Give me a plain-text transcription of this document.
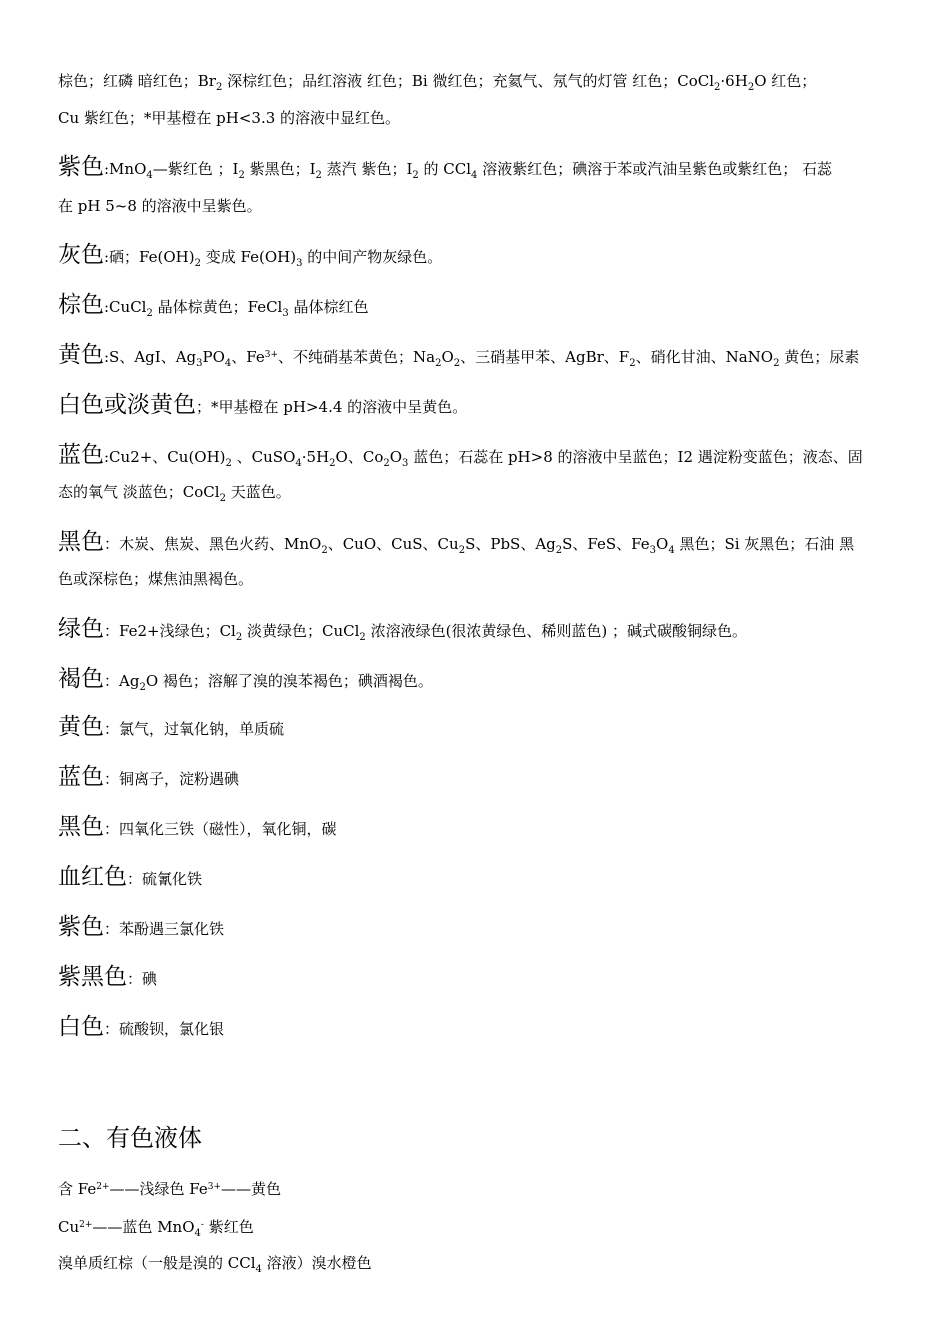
棕色；红磷 暗红色；$Br_2$ 深棕红色；品红溶液 红色；Bi 微红色；充氦气、氖气的灯管 红色；$CoCl_2\cdot 6H_2O$ 红色；
Cu 紫红色；*甲基橙在 pH<3.3 的溶液中显红色。
紫色:MnO$_4$—紫红色 ；$I_2$ 紫黑色；$I_2$ 蒸汽 紫色；$I_2$ 的 CCl$_4$ 溶液紫红色；碘溶于苯或汽油呈紫色或紫红色； 石蕊
在 pH 5~8 的溶液中呈紫色。
灰色:硒；$Fe(OH)_2$ 变成 $Fe(OH)_3$ 的中间产物灰绿色。
棕色:CuCl$_2$ 晶体棕黄色；FeCl$_3$ 晶体棕红色
黄色:S、AgI、$Ag_3PO_4$、$Fe^{3+}$、不纯硝基苯黄色；$Na_2O_2$、三硝基甲苯、AgBr、$F_2$、硝化甘油、NaNO$_2$ 黄色；尿素
白色或淡黄色；*甲基橙在 pH>4.4 的溶液中呈黄色。
蓝色:Cu2+、$Cu(OH)_2$ 、$CuSO_4\cdot 5H_2O$、$Co_2O_3$ 蓝色；石蕊在 pH>8 的溶液中呈蓝色；I2 遇淀粉变蓝色；液态、固
态的氧气 淡蓝色；CoCl$_2$ 天蓝色。
黑色：木炭、焦炭、黑色火药、MnO$_2$、CuO、CuS、$Cu_2S$、PbS、$Ag_2S$、FeS、$Fe_3O_4$ 黑色；Si 灰黑色；石油 黑
色或深棕色；煤焦油黑褐色。
绿色：Fe2+浅绿色；$Cl_2$ 淡黄绿色；CuCl$_2$ 浓溶液绿色(很浓黄绿色、稀则蓝色) ；碱式碳酸铜绿色。
褐色：$Ag_2O$ 褐色；溶解了溴的溴苯褐色；碘酒褐色。
黄色：氯气，过氧化钠，单质硫
蓝色：铜离子，淀粉遇碘
黑色：四氧化三铁（磁性），氧化铜，碳
血红色：硫氰化铁
紫色：苯酚遇三氯化铁
紫黑色：碘
白色：硫酸钡，氯化银
二、有色液体
含 $Fe^{2+}——$浅绿色 $Fe^{3+}——$黄色
$Cu^{2+}——$蓝色 MnO$_4$- 紫红色
溴单质红棕（一般是溴的 CCl$_4$ 溶液）溴水橙色
